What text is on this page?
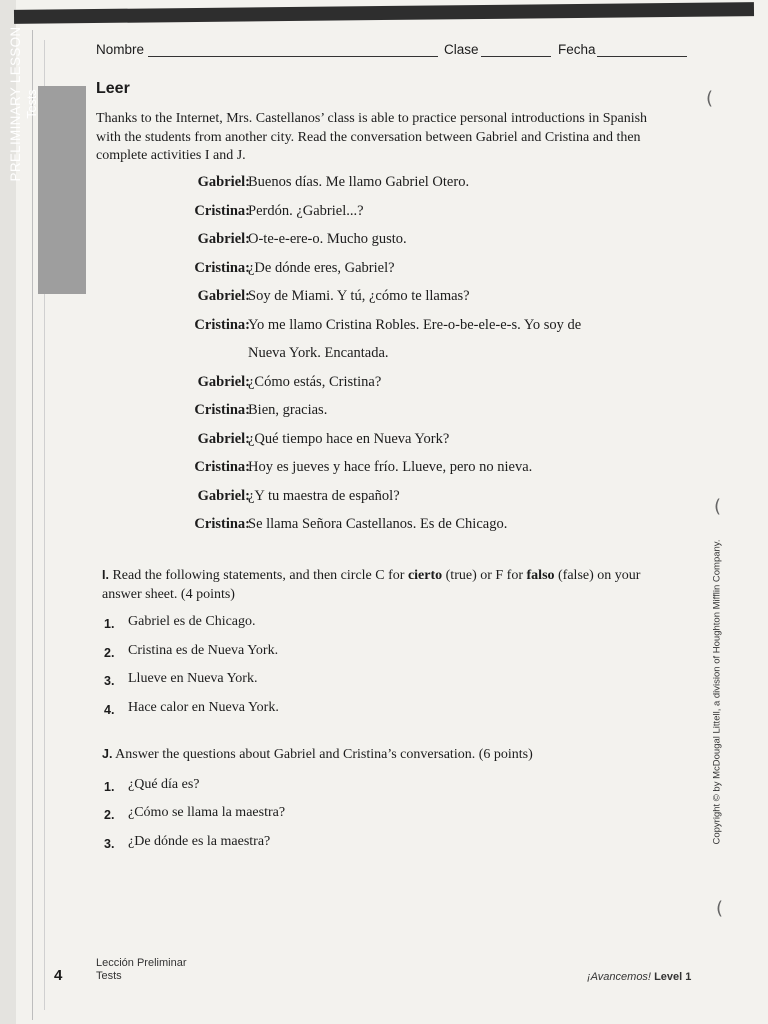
Nombre	Clase	Fecha
PRELIMINARY LESSON Tests
Leer
Thanks to the Internet, Mrs. Castellanos’ class is able to practice personal introductions in Spanish with the students from another city. Read the conversation between Gabriel and Cristina and then complete activities I and J.
Gabriel:
Buenos días. Me llamo Gabriel Otero.
Cristina:
Perdón. ¿Gabriel...?
Gabriel:
O-te-e-ere-o. Mucho gusto.
Cristina:
¿De dónde eres, Gabriel?
Gabriel:
Soy de Miami. Y tú, ¿cómo te llamas?
Cristina:
Yo me llamo Cristina Robles. Ere-o-be-ele-e-s. Yo soy de Nueva York. Encantada.
Gabriel:
¿Cómo estás, Cristina?
Cristina:
Bien, gracias.
Gabriel:
¿Qué tiempo hace en Nueva York?
Cristina:
Hoy es jueves y hace frío. Llueve, pero no nieva.
Gabriel:
¿Y tu maestra de español?
Cristina:
Se llama Señora Castellanos. Es de Chicago.
I. Read the following statements, and then circle C for cierto (true) or F for falso (false) on your answer sheet. (4 points)
1. Gabriel es de Chicago.
2. Cristina es de Nueva York.
3. Llueve en Nueva York.
4. Hace calor en Nueva York.
J. Answer the questions about Gabriel and Cristina’s conversation. (6 points)
1. ¿Qué día es?
2. ¿Cómo se llama la maestra?
3. ¿De dónde es la maestra?	Copyright © by McDougal Littell, a division of Houghton Mifflin Company.
(
(
(
4
Lección Preliminar
Tests	¡Avancemos! Level 1
